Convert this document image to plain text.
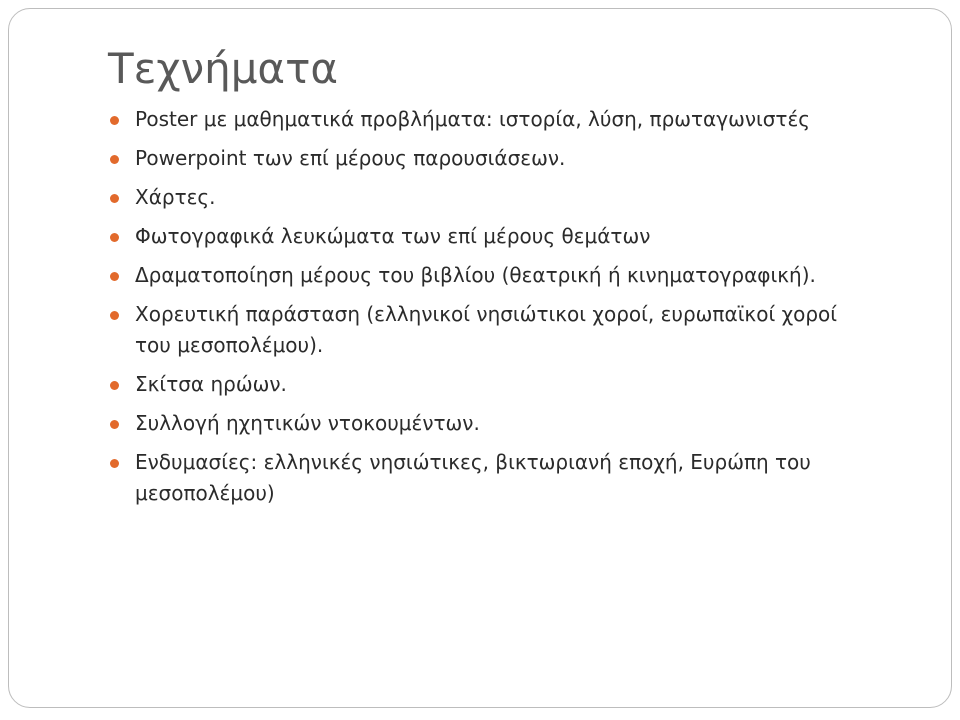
Τεχνήματα
Poster με μαθηματικά προβλήματα: ιστορία, λύση, πρωταγωνιστές
Powerpoint των επί μέρους παρουσιάσεων.
Χάρτες.
Φωτογραφικά λευκώματα των επί μέρους θεμάτων
Δραματοποίηση μέρους του βιβλίου (θεατρική ή κινηματογραφική).
Χορευτική παράσταση (ελληνικοί νησιώτικοι χοροί, ευρωπαϊκοί χοροί του μεσοπολέμου).
Σκίτσα ηρώων.
Συλλογή ηχητικών ντοκουμέντων.
Ενδυμασίες: ελληνικές νησιώτικες, βικτωριανή εποχή, Ευρώπη του μεσοπολέμου)
